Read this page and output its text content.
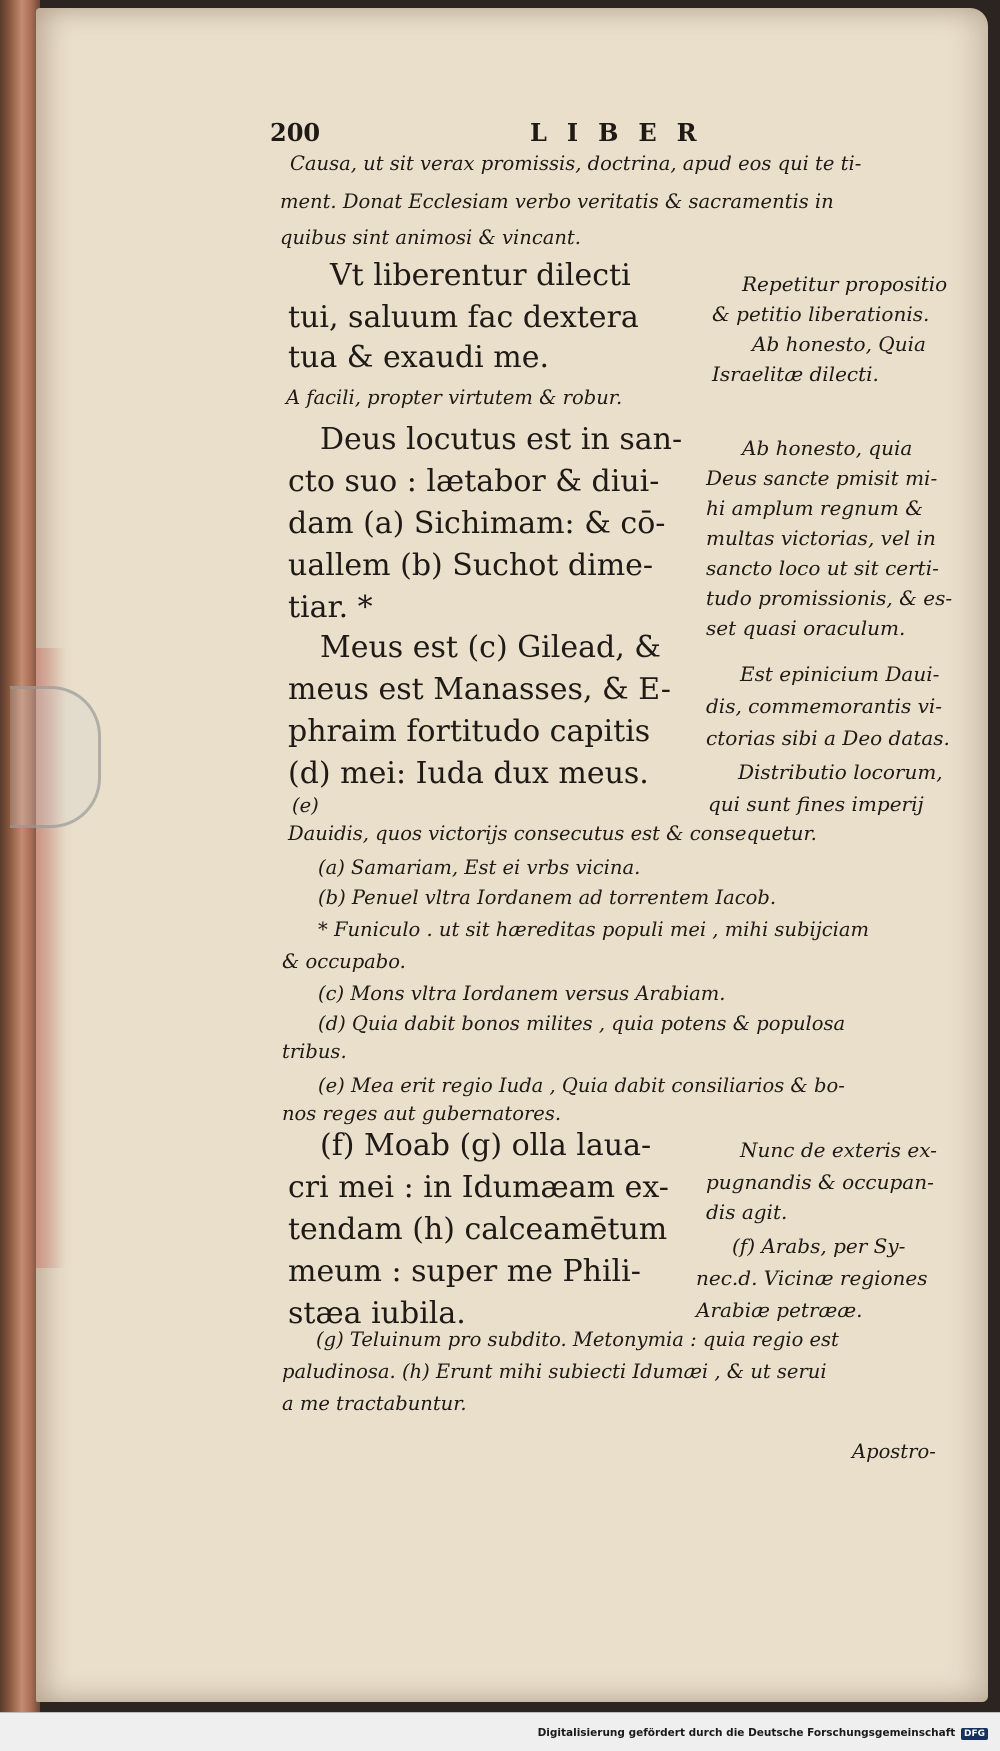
200	LIBER
Causa, ut sit verax promissis, doctrina, apud eos qui te ti-
ment. Donat Ecclesiam verbo veritatis & sacramentis in
quibus sint animosi & vincant.
Vt liberentur dilecti
tui, saluum fac dextera
tua & exaudi me.
Repetitur propositio
& petitio liberationis.
Ab honesto, Quia
Israelitæ dilecti.
A facili, propter virtutem & robur.
Deus locutus est in san-
cto suo : lætabor & diui-
dam (a) Sichimam: & cō-
uallem (b) Suchot dime-
tiar. *
Ab honesto, quia
Deus sancte pmisit mi-
hi amplum regnum &
multas victorias, vel in
sancto loco ut sit certi-
tudo promissionis, & es-
set quasi oraculum.
Meus est (c) Gilead, &
meus est Manasses, & E-
phraim fortitudo capitis
(d) mei: Iuda dux meus.
(e)
Est epinicium Daui-
dis, commemorantis vi-
ctorias sibi a Deo datas.
Distributio locorum,
qui sunt fines imperij
Dauidis, quos victorijs consecutus est & consequetur.
(a) Samariam, Est ei vrbs vicina.
(b) Penuel vltra Iordanem ad torrentem Iacob.
* Funiculo . ut sit hæreditas populi mei , mihi subijciam
& occupabo.
(c) Mons vltra Iordanem versus Arabiam.
(d) Quia dabit bonos milites , quia potens & populosa
tribus.
(e) Mea erit regio Iuda , Quia dabit consiliarios & bo-
nos reges aut gubernatores.
(f) Moab (g) olla laua-
cri mei : in Idumæam ex-
tendam (h) calceamētum
meum : super me Phili-
stæa iubila.
Nunc de exteris ex-
pugnandis & occupan-
dis agit.
(f) Arabs, per Sy-
nec.d. Vicinæ regiones
Arabiæ petrææ.
(g) Teluinum pro subdito. Metonymia : quia regio est
paludinosa. (h) Erunt mihi subiecti Idumæi , & ut serui
a me tractabuntur.
Apostro-
Digitalisierung gefördert durch die Deutsche Forschungsgemeinschaft DFG
